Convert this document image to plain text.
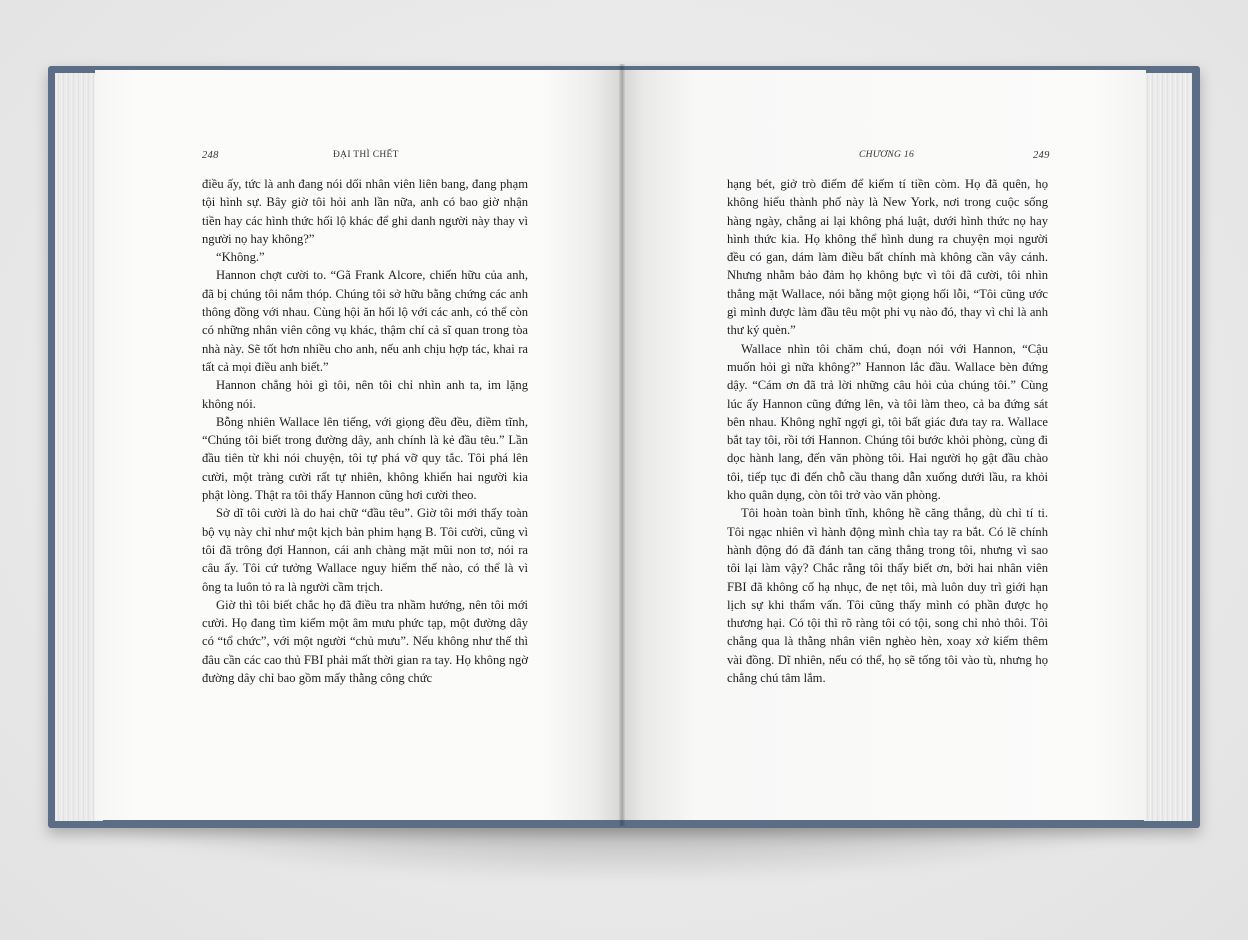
248	ĐẠI THÌ CHẾT

điều ấy, tức là anh đang nói dối nhân viên liên bang, đang phạm tội hình sự. Bây giờ tôi hỏi anh lần nữa, anh có bao giờ nhận tiền hay các hình thức hối lộ khác để ghi danh người này thay vì người nọ hay không?”

“Không.”

Hannon chợt cười to. “Gã Frank Alcore, chiến hữu của anh, đã bị chúng tôi nắm thóp. Chúng tôi sở hữu bằng chứng các anh thông đồng với nhau. Cùng hội ăn hối lộ với các anh, có thể còn có những nhân viên công vụ khác, thậm chí cả sĩ quan trong tòa nhà này. Sẽ tốt hơn nhiều cho anh, nếu anh chịu hợp tác, khai ra tất cả mọi điều anh biết.”

Hannon chẳng hỏi gì tôi, nên tôi chỉ nhìn anh ta, im lặng không nói.

Bỗng nhiên Wallace lên tiếng, với giọng đều đều, điềm tĩnh, “Chúng tôi biết trong đường dây, anh chính là kẻ đầu têu.” Lần đầu tiên từ khi nói chuyện, tôi tự phá vỡ quy tắc. Tôi phá lên cười, một tràng cười rất tự nhiên, không khiến hai người kia phật lòng. Thật ra tôi thấy Hannon cũng hơi cười theo.

Sở dĩ tôi cười là do hai chữ “đầu têu”. Giờ tôi mới thấy toàn bộ vụ này chỉ như một kịch bản phim hạng B. Tôi cười, cũng vì tôi đã trông đợi Hannon, cái anh chàng mặt mũi non tơ, nói ra câu ấy. Tôi cứ tưởng Wallace nguy hiểm thế nào, có thể là vì ông ta luôn tỏ ra là người cầm trịch.

Giờ thì tôi biết chắc họ đã điều tra nhầm hướng, nên tôi mới cười. Họ đang tìm kiếm một âm mưu phức tạp, một đường dây có “tổ chức”, với một người “chủ mưu”. Nếu không như thế thì đâu cần các cao thủ FBI phải mất thời gian ra tay. Họ không ngờ đường dây chỉ bao gồm mấy thằng công chức

CHƯƠNG 16	249

hạng bét, giở trò điếm để kiếm tí tiền còm. Họ đã quên, họ không hiểu thành phố này là New York, nơi trong cuộc sống hàng ngày, chẳng ai lại không phá luật, dưới hình thức nọ hay hình thức kia. Họ không thể hình dung ra chuyện mọi người đều có gan, dám làm điều bất chính mà không cần vây cánh. Nhưng nhằm bảo đảm họ không bực vì tôi đã cười, tôi nhìn thẳng mặt Wallace, nói bằng một giọng hối lỗi, “Tôi cũng ước gì mình được làm đầu têu một phi vụ nào đó, thay vì chỉ là anh thư ký quèn.”

Wallace nhìn tôi chăm chú, đoạn nói với Hannon, “Cậu muốn hỏi gì nữa không?” Hannon lắc đầu. Wallace bèn đứng dậy. “Cám ơn đã trả lời những câu hỏi của chúng tôi.” Cùng lúc ấy Hannon cũng đứng lên, và tôi làm theo, cả ba đứng sát bên nhau. Không nghĩ ngợi gì, tôi bất giác đưa tay ra. Wallace bắt tay tôi, rồi tới Hannon. Chúng tôi bước khỏi phòng, cùng đi dọc hành lang, đến văn phòng tôi. Hai người họ gật đầu chào tôi, tiếp tục đi đến chỗ cầu thang dẫn xuống dưới lầu, ra khỏi kho quân dụng, còn tôi trở vào văn phòng.

Tôi hoàn toàn bình tĩnh, không hề căng thẳng, dù chỉ tí ti. Tôi ngạc nhiên vì hành động mình chìa tay ra bắt. Có lẽ chính hành động đó đã đánh tan căng thẳng trong tôi, nhưng vì sao tôi lại làm vậy? Chắc rằng tôi thấy biết ơn, bởi hai nhân viên FBI đã không cố hạ nhục, đe nẹt tôi, mà luôn duy trì giới hạn lịch sự khi thẩm vấn. Tôi cũng thấy mình có phần được họ thương hại. Có tội thì rõ ràng tôi có tội, song chỉ nhỏ thôi. Tôi chẳng qua là thằng nhân viên nghèo hèn, xoay xở kiếm thêm vài đồng. Dĩ nhiên, nếu có thể, họ sẽ tống tôi vào tù, nhưng họ chẳng chú tâm lắm.
